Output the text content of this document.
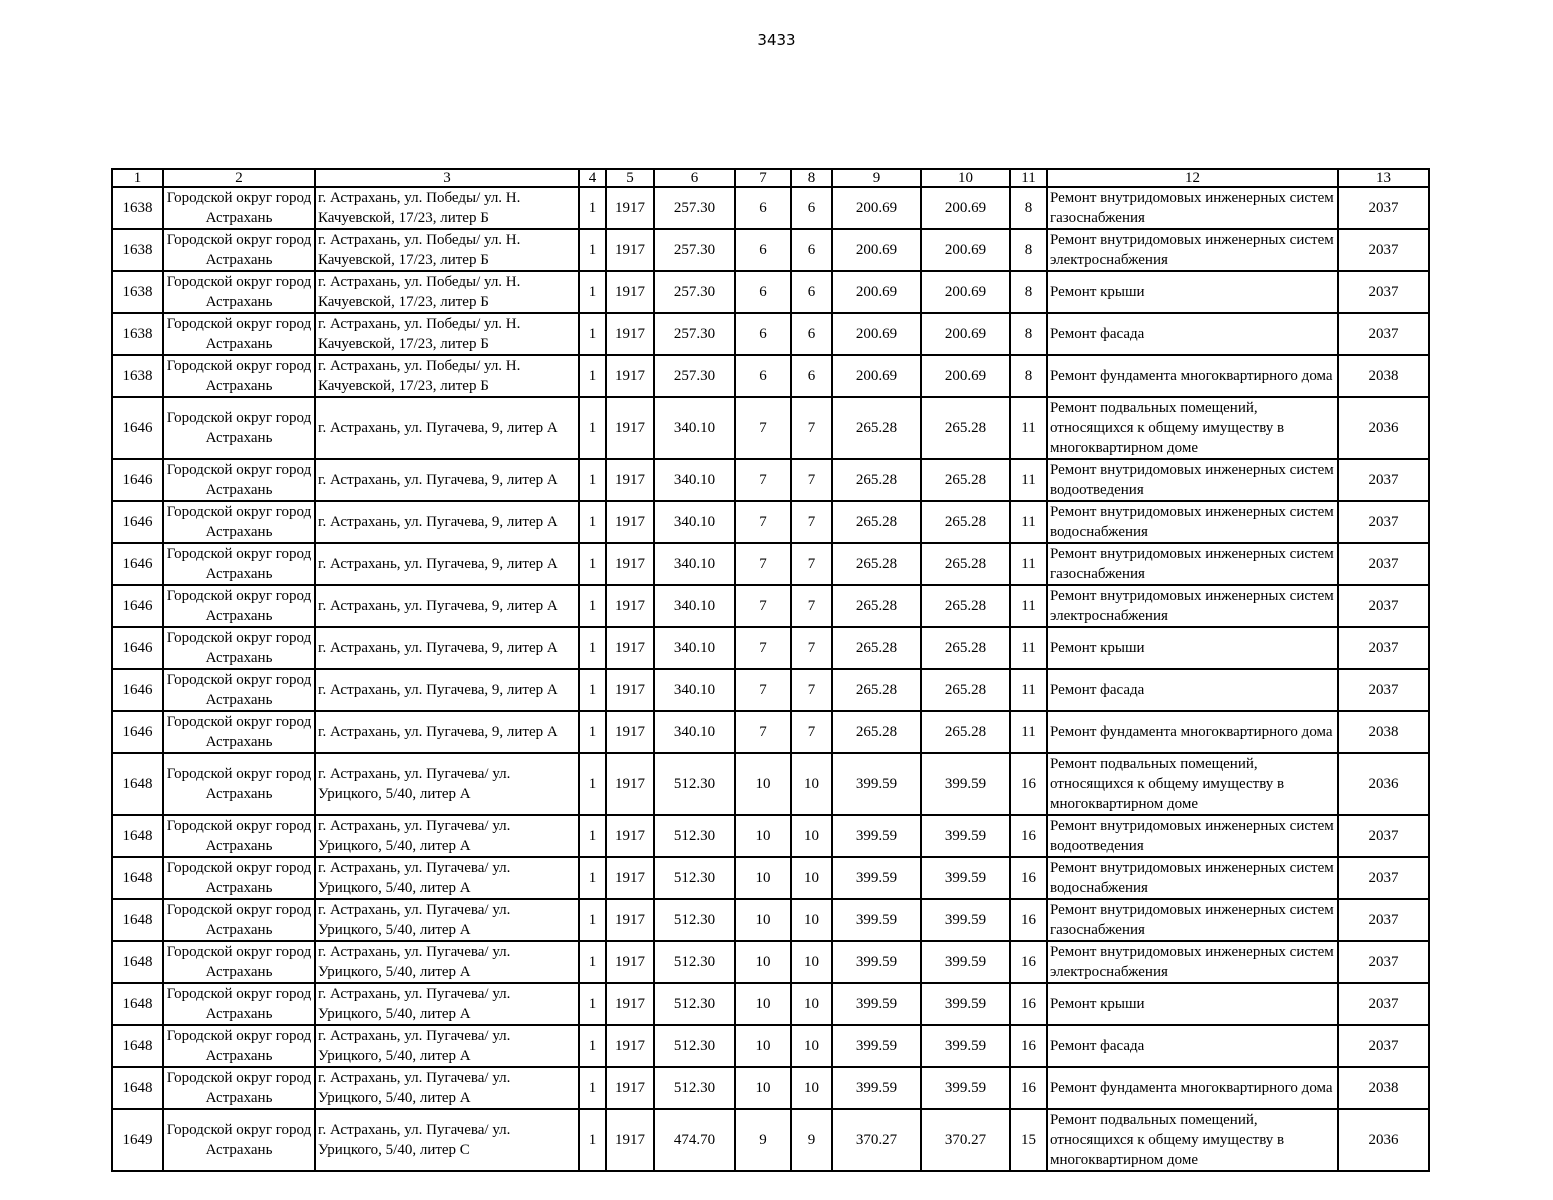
3433
1	2	3	4	5	6	7	8	9	10	11	12	13
1638	Городской округ город Астрахань	г. Астрахань, ул. Победы/ ул. Н. Качуевской, 17/23, литер Б	1	1917	257.30	6	6	200.69	200.69	8	Ремонт внутридомовых инженерных систем газоснабжения	2037
1638	Городской округ город Астрахань	г. Астрахань, ул. Победы/ ул. Н. Качуевской, 17/23, литер Б	1	1917	257.30	6	6	200.69	200.69	8	Ремонт внутридомовых инженерных систем электроснабжения	2037
1638	Городской округ город Астрахань	г. Астрахань, ул. Победы/ ул. Н. Качуевской, 17/23, литер Б	1	1917	257.30	6	6	200.69	200.69	8	Ремонт крыши	2037
1638	Городской округ город Астрахань	г. Астрахань, ул. Победы/ ул. Н. Качуевской, 17/23, литер Б	1	1917	257.30	6	6	200.69	200.69	8	Ремонт фасада	2037
1638	Городской округ город Астрахань	г. Астрахань, ул. Победы/ ул. Н. Качуевской, 17/23, литер Б	1	1917	257.30	6	6	200.69	200.69	8	Ремонт фундамента многоквартирного дома	2038
1646	Городской округ город Астрахань	г. Астрахань, ул. Пугачева, 9, литер А	1	1917	340.10	7	7	265.28	265.28	11	Ремонт подвальных помещений, относящихся к общему имуществу в многоквартирном доме	2036
1646	Городской округ город Астрахань	г. Астрахань, ул. Пугачева, 9, литер А	1	1917	340.10	7	7	265.28	265.28	11	Ремонт внутридомовых инженерных систем водоотведения	2037
1646	Городской округ город Астрахань	г. Астрахань, ул. Пугачева, 9, литер А	1	1917	340.10	7	7	265.28	265.28	11	Ремонт внутридомовых инженерных систем водоснабжения	2037
1646	Городской округ город Астрахань	г. Астрахань, ул. Пугачева, 9, литер А	1	1917	340.10	7	7	265.28	265.28	11	Ремонт внутридомовых инженерных систем газоснабжения	2037
1646	Городской округ город Астрахань	г. Астрахань, ул. Пугачева, 9, литер А	1	1917	340.10	7	7	265.28	265.28	11	Ремонт внутридомовых инженерных систем электроснабжения	2037
1646	Городской округ город Астрахань	г. Астрахань, ул. Пугачева, 9, литер А	1	1917	340.10	7	7	265.28	265.28	11	Ремонт крыши	2037
1646	Городской округ город Астрахань	г. Астрахань, ул. Пугачева, 9, литер А	1	1917	340.10	7	7	265.28	265.28	11	Ремонт фасада	2037
1646	Городской округ город Астрахань	г. Астрахань, ул. Пугачева, 9, литер А	1	1917	340.10	7	7	265.28	265.28	11	Ремонт фундамента многоквартирного дома	2038
1648	Городской округ город Астрахань	г. Астрахань, ул. Пугачева/ ул. Урицкого, 5/40, литер А	1	1917	512.30	10	10	399.59	399.59	16	Ремонт подвальных помещений, относящихся к общему имуществу в многоквартирном доме	2036
1648	Городской округ город Астрахань	г. Астрахань, ул. Пугачева/ ул. Урицкого, 5/40, литер А	1	1917	512.30	10	10	399.59	399.59	16	Ремонт внутридомовых инженерных систем водоотведения	2037
1648	Городской округ город Астрахань	г. Астрахань, ул. Пугачева/ ул. Урицкого, 5/40, литер А	1	1917	512.30	10	10	399.59	399.59	16	Ремонт внутридомовых инженерных систем водоснабжения	2037
1648	Городской округ город Астрахань	г. Астрахань, ул. Пугачева/ ул. Урицкого, 5/40, литер А	1	1917	512.30	10	10	399.59	399.59	16	Ремонт внутридомовых инженерных систем газоснабжения	2037
1648	Городской округ город Астрахань	г. Астрахань, ул. Пугачева/ ул. Урицкого, 5/40, литер А	1	1917	512.30	10	10	399.59	399.59	16	Ремонт внутридомовых инженерных систем электроснабжения	2037
1648	Городской округ город Астрахань	г. Астрахань, ул. Пугачева/ ул. Урицкого, 5/40, литер А	1	1917	512.30	10	10	399.59	399.59	16	Ремонт крыши	2037
1648	Городской округ город Астрахань	г. Астрахань, ул. Пугачева/ ул. Урицкого, 5/40, литер А	1	1917	512.30	10	10	399.59	399.59	16	Ремонт фасада	2037
1648	Городской округ город Астрахань	г. Астрахань, ул. Пугачева/ ул. Урицкого, 5/40, литер А	1	1917	512.30	10	10	399.59	399.59	16	Ремонт фундамента многоквартирного дома	2038
1649	Городской округ город Астрахань	г. Астрахань, ул. Пугачева/ ул. Урицкого, 5/40, литер С	1	1917	474.70	9	9	370.27	370.27	15	Ремонт подвальных помещений, относящихся к общему имуществу в многоквартирном доме	2036
